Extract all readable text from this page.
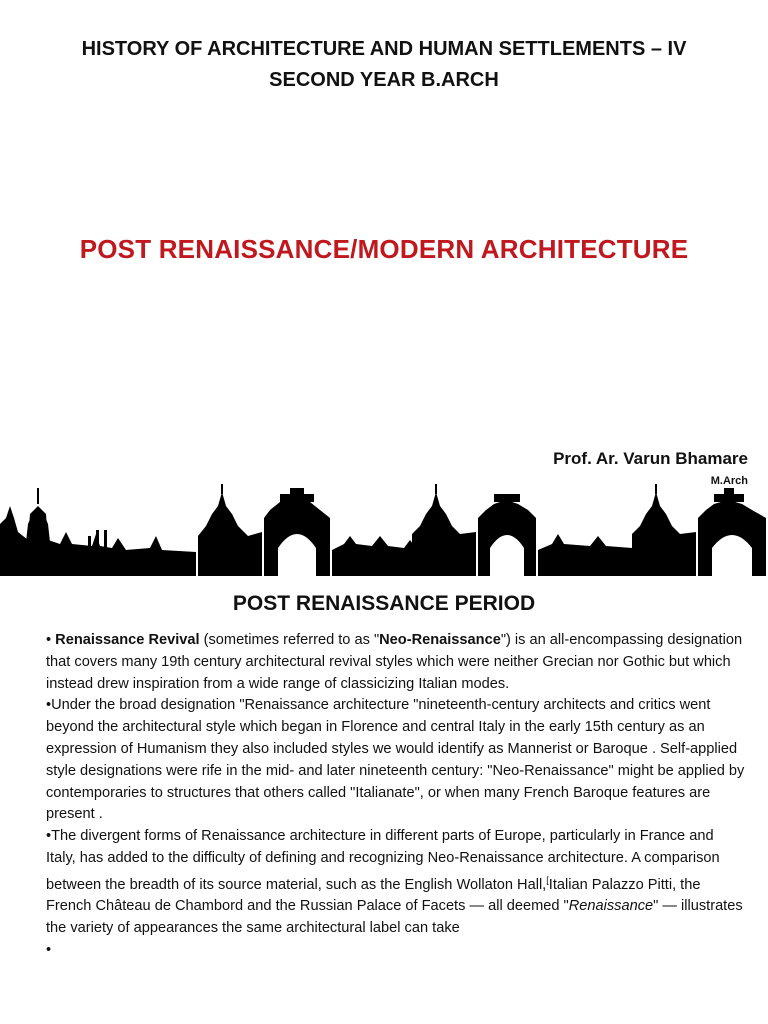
HISTORY OF ARCHITECTURE AND HUMAN SETTLEMENTS – IV
SECOND YEAR B.ARCH
POST RENAISSANCE/MODERN ARCHITECTURE
Prof. Ar. Varun Bhamare
M.Arch
POST RENAISSANCE PERIOD

• Renaissance Revival (sometimes referred to as "Neo-Renaissance") is an all-encompassing designation that covers many 19th century architectural revival styles which were neither Grecian nor Gothic but which instead drew inspiration from a wide range of classicizing Italian modes.

•Under the broad designation "Renaissance architecture "nineteenth-century architects and critics went beyond the architectural style which began in Florence and central Italy in the early 15th century as an expression of Humanism they also included styles we would identify as Mannerist or Baroque . Self-applied style designations were rife in the mid- and later nineteenth century: "Neo-Renaissance" might be applied by contemporaries to structures that others called "Italianate", or when many French Baroque features are present .

•The divergent forms of Renaissance architecture in different parts of Europe, particularly in France and Italy, has added to the difficulty of defining and recognizing Neo-Renaissance architecture. A comparison between the breadth of its source material, such as the English Wollaton Hall,[Italian Palazzo Pitti, the French Château de Chambord and the Russian Palace of Facets — all deemed "Renaissance" — illustrates the variety of appearances the same architectural label can take

•
